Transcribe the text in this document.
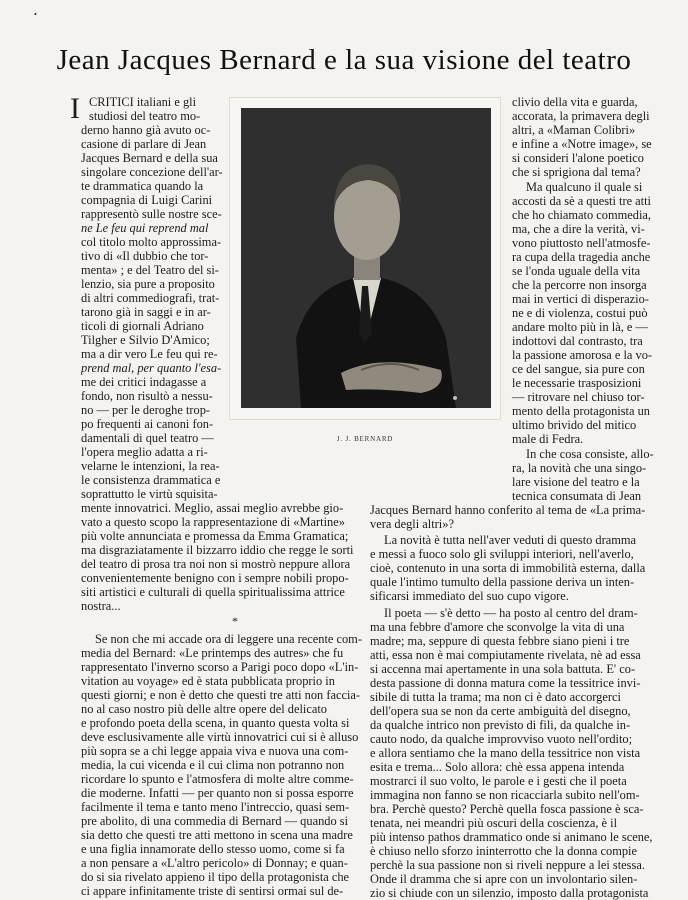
•
Jean Jacques Bernard e la sua visione del teatro
I
J. J. BERNARD
CRITICI italiani e gli
studiosi del teatro mo-
derno hanno già avuto oc-
casione di parlare di Jean
Jacques Bernard e della sua
singolare concezione dell'ar-
te drammatica quando la
compagnia di Luigi Carini
rappresentò sulle nostre sce-
ne Le feu qui reprend mal
col titolo molto approssima-
tivo di «Il dubbio che tor-
menta» ; e del Teatro del si-
lenzio, sia pure a proposito
di altri commediografi, trat-
tarono già in saggi e in ar-
ticoli di giornali Adriano
Tilgher e Silvio D'Amico;
ma a dir vero Le feu qui re-
prend mal, per quanto l'esa-
me dei critici indagasse a
fondo, non risultò a nessu-
no — per le deroghe trop-
po frequenti ai canoni fon-
damentali di quel teatro —
l'opera meglio adatta a ri-
velarne le intenzioni, la rea-
le consistenza drammatica e
soprattutto le virtù squisitа-
mente innovatrici. Meglio, assai meglio avrebbe gio-
vato a questo scopo la rappresentazione di «Martine»
più volte annunciata e promessa da Emma Gramatica;
ma disgraziatamente il bizzarro iddio che regge le sorti
del teatro di prosa tra noi non si mostrò neppure allora
convenientemente benigno con i sempre nobili propo-
siti artistici e culturali di quella spiritualissima attrice
nostra...
*
Se non che mi accade ora di leggere una recente com-
media del Bernard: «Le printemps des autres» che fu
rappresentato l'inverno scorso a Parigi poco dopo «L'in-
vitation au voyage» ed è stata pubblicata proprio in
questi giorni; e non è detto che questi tre atti non faccia-
no al caso nostro più delle altre opere del delicato
e profondo poeta della scena, in quanto questa volta si
deve esclusivamente alle virtù innovatrici cui si è alluso
più sopra se a chi legge appaia viva e nuova una com-
media, la cui vicenda e il cui clima non potranno non
ricordare lo spunto e l'atmosfera di molte altre comme-
die moderne. Infatti — per quanto non si possa esporre
facilmente il tema e tanto meno l'intreccio, quasi sem-
pre abolito, di una commedia di Bernard — quando si
sia detto che questi tre atti mettono in scena una madre
e una figlia innamorate dello stesso uomo, come si fa
a non pensare a «L'altro pericolo» di Donnay; e quan-
do si sia rivelato appieno il tipo della protagonista che
ci appare infinitamente triste di sentirsi ormai sul de-
clivio della vita e guarda,
accorata, la primavera degli
altri, a «Maman Colibri»
e infine a «Notre image», se
si consideri l'alone poetico
che si sprigiona dal tema?
Ma qualcuno il quale si
accosti da sè a questi tre atti
che ho chiamato commedia,
ma, che a dire la verità, vi-
vono piuttosto nell'atmosfe-
ra cupa della tragedia anche
se l'onda uguale della vita
che la percorre non insorga
mai in vertici di disperazio-
ne e di violenza, costui può
andare molto più in là, e —
indottovi dal contrasto, tra
la passione amorosa e la vo-
ce del sangue, sia pure con
le necessarie trasposizioni
— ritrovare nel chiuso tor-
mento della protagonista un
ultimo brivido del mitico
male di Fedra.
In che cosa consiste, allo-
ra, la novità che una singo-
lare visione del teatro e la
tecnica consumata di Jean
Jacques Bernard hanno conferito al tema de «La prima-
vera degli altri»?
La novità è tutta nell'aver veduti di questo dramma
e messi a fuoco solo gli sviluppi interiori, nell'averlo,
cioè, contenuto in una sorta di immobilità esterna, dalla
quale l'intimo tumulto della passione deriva un inten-
sificarsi immediato del suo cupo vigore.
Il poeta — s'è detto — ha posto al centro del dram-
ma una febbre d'amore che sconvolge la vita di una
madre; ma, seppure di questa febbre siano pieni i tre
atti, essa non è mai compiutamente rivelata, nè ad essa
si accenna mai apertamente in una sola battuta. E' co-
desta passione di donna matura come la tessitrice invi-
sibile di tutta la trama; ma non ci è dato accorgerci
dell'opera sua se non da certe ambiguità del disegno,
da qualche intrico non previsto di fili, da qualche in-
cauto nodo, da qualche improvviso vuoto nell'ordito;
e allora sentiamo che la mano della tessitrice non vista
esita e trema... Solo allora: chè essa appena intenda
mostrarci il suo volto, le parole e i gesti che il poeta
immagina non fanno se non ricacciarla subito nell'om-
bra. Perchè questo? Perchè quella fosca passione è sca-
tenata, nei meandri più oscuri della coscienza, è il
più intenso pathos drammatico onde si animano le scene,
è chiuso nello sforzo ininterrotto che la donna compie
perchè la sua passione non si riveli neppure a lei stessa.
Onde il dramma che si apre con un involontario silen-
zio si chiude con un silenzio, imposto dalla protagonista
